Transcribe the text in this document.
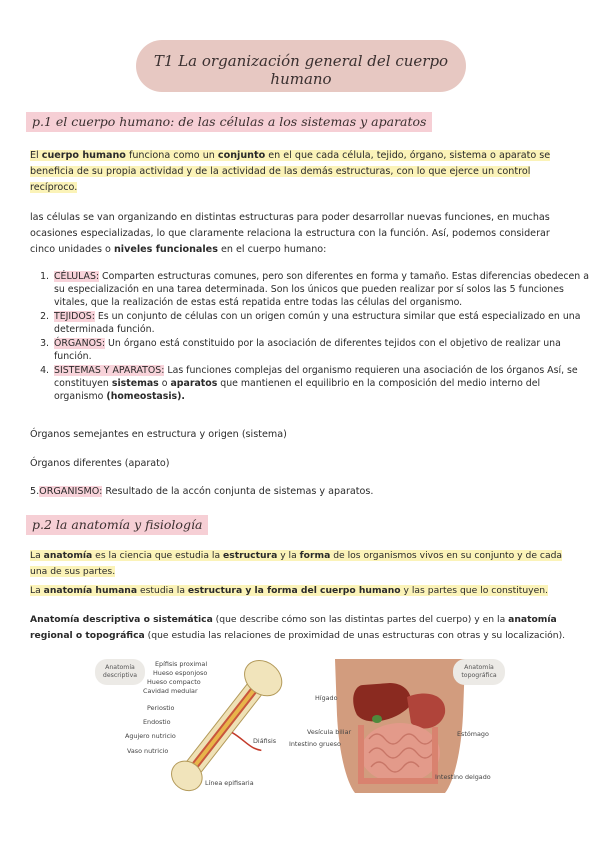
T1 La organización general del cuerpo humano
p.1 el cuerpo humano: de las células a los sistemas y aparatos
El cuerpo humano funciona como un conjunto en el que cada célula, tejido, órgano, sistema o aparato se beneficia de su propia actividad y de la actividad de las demás estructuras, con lo que ejerce un control recíproco.
las células se van organizando en distintas estructuras para poder desarrollar nuevas funciones, en muchas ocasiones especializadas, lo que claramente relaciona la estructura con la función. Así, podemos considerar cinco unidades o niveles funcionales en el cuerpo humano:
1. CÉLULAS: Comparten estructuras comunes, pero son diferentes en forma y tamaño. Estas diferencias obedecen a su especialización en una tarea determinada. Son los únicos que pueden realizar por sí solos las 5 funciones vitales, que la realización de estas está repatida entre todas las células del organismo.
2. TEJIDOS: Es un conjunto de células con un origen común y una estructura similar que está especializado en una determinada función.
3. ÓRGANOS: Un órgano está constituido por la asociación de diferentes tejidos con el objetivo de realizar una función.
4. SISTEMAS Y APARATOS: Las funciones complejas del organismo requieren una asociación de los órganos Así, se constituyen sistemas o aparatos que mantienen el equilibrio en la composición del medio interno del organismo (homeostasis).
Órganos semejantes en estructura y origen (sistema)
Órganos diferentes (aparato)
5.ORGANISMO: Resultado de la accón conjunta de sistemas y aparatos.
p.2 la anatomía y fisiología
La anatomía es la ciencia que estudia la estructura y la forma de los organismos vivos en su conjunto y de cada una de sus partes.
La anatomía humana estudia la estructura y la forma del cuerpo humano y las partes que lo constituyen.
Anatomía descriptiva o sistemática (que describe cómo son las distintas partes del cuerpo) y en la anatomía regional o topográfica (que estudia las relaciones de proximidad de unas estructuras con otras y su localización).
Anatomía descriptiva
Epífisis proximal
Hueso esponjoso
Hueso compacto
Cavidad medular
Periostio
Endostio
Agujero nutricio
Vaso nutricio
Diáfisis
Línea epifisaria
Anatomía topográfica
Hígado
Vesícula biliar
Intestino grueso
Estómago
Intestino delgado
